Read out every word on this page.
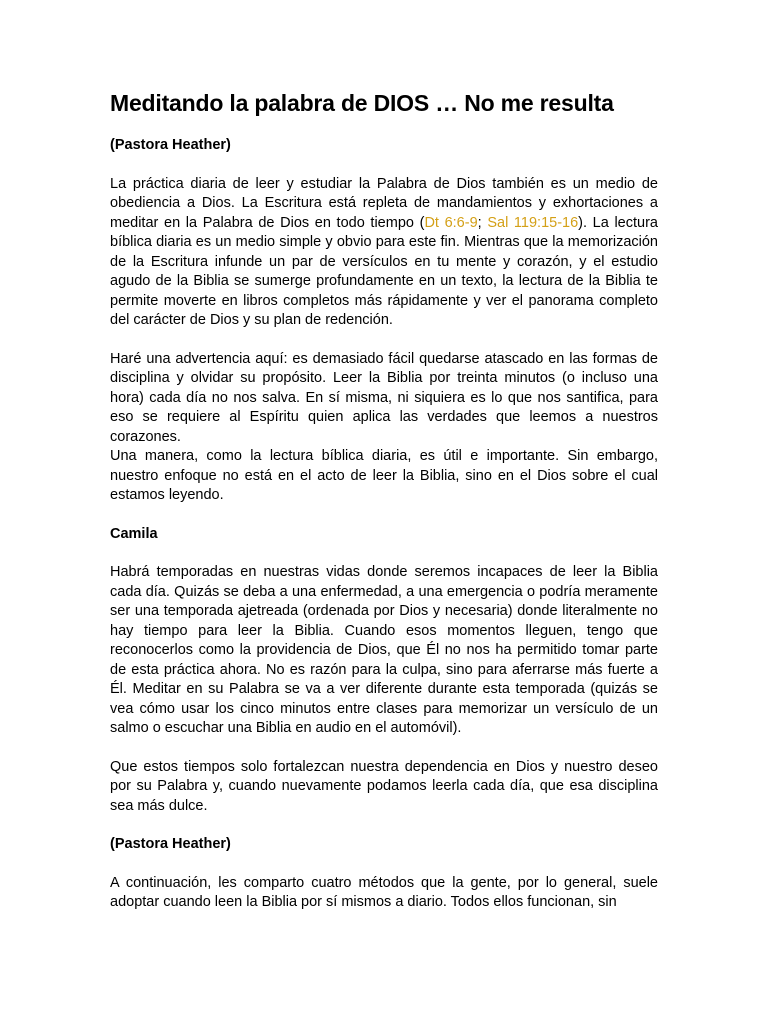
Meditando la palabra de DIOS … No me resulta
(Pastora Heather)

La práctica diaria de leer y estudiar la Palabra de Dios también es un medio de obediencia a Dios. La Escritura está repleta de mandamientos y exhortaciones a meditar en la Palabra de Dios en todo tiempo (Dt 6:6-9; Sal 119:15-16). La lectura bíblica diaria es un medio simple y obvio para este fin. Mientras que la memorización de la Escritura infunde un par de versículos en tu mente y corazón, y el estudio agudo de la Biblia se sumerge profundamente en un texto, la lectura de la Biblia te permite moverte en libros completos más rápidamente y ver el panorama completo del carácter de Dios y su plan de redención.

Haré una advertencia aquí: es demasiado fácil quedarse atascado en las formas de disciplina y olvidar su propósito. Leer la Biblia por treinta minutos (o incluso una hora) cada día no nos salva. En sí misma, ni siquiera es lo que nos santifica, para eso se requiere al Espíritu quien aplica las verdades que leemos a nuestros corazones.

Una manera, como la lectura bíblica diaria, es útil e importante. Sin embargo, nuestro enfoque no está en el acto de leer la Biblia, sino en el Dios sobre el cual estamos leyendo.

Camila

Habrá temporadas en nuestras vidas donde seremos incapaces de leer la Biblia cada día. Quizás se deba a una enfermedad, a una emergencia o podría meramente ser una temporada ajetreada (ordenada por Dios y necesaria) donde literalmente no hay tiempo para leer la Biblia. Cuando esos momentos lleguen, tengo que reconocerlos como la providencia de Dios, que Él no nos ha permitido tomar parte de esta práctica ahora. No es razón para la culpa, sino para aferrarse más fuerte a Él. Meditar en su Palabra se va a ver diferente durante esta temporada (quizás se vea cómo usar los cinco minutos entre clases para memorizar un versículo de un salmo o escuchar una Biblia en audio en el automóvil).

Que estos tiempos solo fortalezcan nuestra dependencia en Dios y nuestro deseo por su Palabra y, cuando nuevamente podamos leerla cada día, que esa disciplina sea más dulce.

(Pastora Heather)

A continuación, les comparto cuatro métodos que la gente, por lo general, suele adoptar cuando leen la Biblia por sí mismos a diario. Todos ellos funcionan, sin
